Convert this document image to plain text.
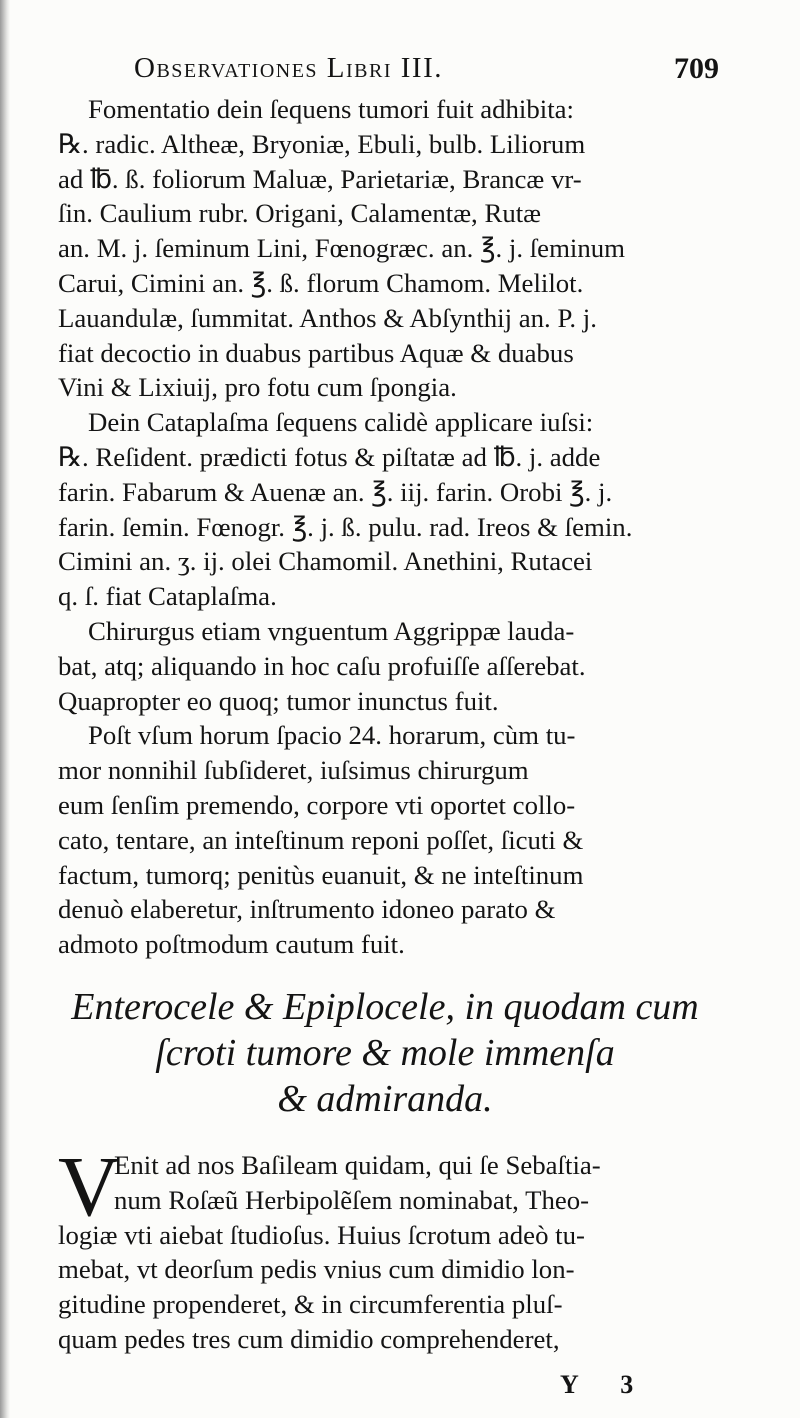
Observationes Libri III.	709
Fomentatio dein ſequens tumori fuit adhibita:
℞. radic. Altheæ, Bryoniæ, Ebuli, bulb. Liliorum
ad ℔. ß. foliorum Maluæ, Parietariæ, Brancæ vr-
ſin. Caulium rubr. Origani, Calamentæ, Rutæ
an. M. j. ſeminum Lini, Fœnogræc. an. ℥. j. ſeminum
Carui, Cimini an. ℥. ß. florum Chamom. Melilot.
Lauandulæ, ſummitat. Anthos & Abſynthij an. P. j.
fiat decoctio in duabus partibus Aquæ & duabus
Vini & Lixiuij, pro fotu cum ſpongia.
Dein Cataplaſma ſequens calidè applicare iuſsi:
℞. Reſident. prædicti fotus & piſtatæ ad ℔. j. adde
farin. Fabarum & Auenæ an. ℥. iij. farin. Orobi ℥. j.
farin. ſemin. Fœnogr. ℥. j. ß. pulu. rad. Ireos & ſemin.
Cimini an. ʒ. ij. olei Chamomil. Anethini, Rutacei
q. ſ. fiat Cataplaſma.
Chirurgus etiam vnguentum Aggrippæ lauda-
bat, atq; aliquando in hoc caſu profuiſſe aſſerebat.
Quapropter eo quoq; tumor inunctus fuit.
Poſt vſum horum ſpacio 24. horarum, cùm tu-
mor nonnihil ſubſideret, iuſsimus chirurgum
eum ſenſim premendo, corpore vti oportet collo-
cato, tentare, an inteſtinum reponi poſſet, ſicuti &
factum, tumorq; penitùs euanuit, & ne inteſtinum
denuò elaberetur, inſtrumento idoneo parato &
admoto poſtmodum cautum fuit.
Enterocele & Epiplocele, in quodam cum
ſcroti tumore & mole immenſa
& admiranda.
V
Enit ad nos Baſileam quidam, qui ſe Sebaſtia-
num Roſæũ Herbipolẽſem nominabat, Theo-
logiæ vti aiebat ſtudioſus. Huius ſcrotum adeò tu-
mebat, vt deorſum pedis vnius cum dimidio lon-
gitudine propenderet, & in circumferentia pluſ-
quam pedes tres cum dimidio comprehenderet,
Y 3
